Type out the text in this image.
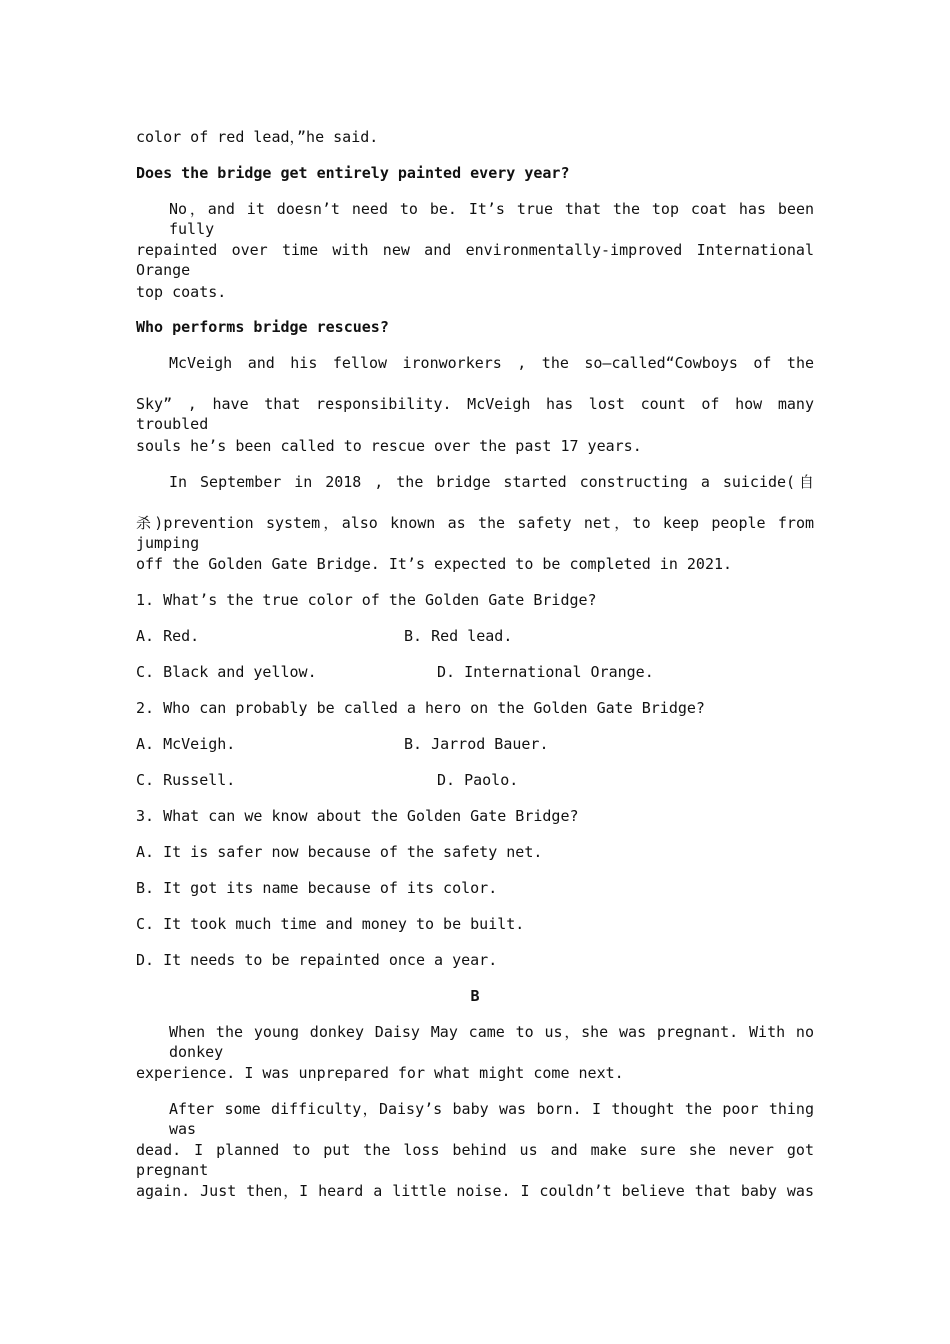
color of red lead，”he said.
Does the bridge get entirely painted every year?
No，and it doesn’t need to be. It’s true that the top coat has been fully
repainted over time with new and environmentally-improved International Orange
top coats.
Who performs bridge rescues?
McVeigh and his fellow ironworkers , the so—called“Cowboys of the
Sky” , have that responsibility. McVeigh has lost count of how many troubled
souls he’s been called to rescue over the past 17 years.
In September in 2018 , the bridge started constructing a suicide(自
杀)prevention system，also known as the safety net，to keep people from jumping
off the Golden Gate Bridge. It’s expected to be completed in 2021.
1. What’s the true color of the Golden Gate Bridge?
A. Red.	B. Red lead.
C. Black and yellow.	D. International Orange.
2. Who can probably be called a hero on the Golden Gate Bridge?
A. McVeigh.	B. Jarrod Bauer.
C. Russell.	D. Paolo.
3. What can we know about the Golden Gate Bridge?
A. It is safer now because of the safety net.
B. It got its name because of its color.
C. It took much time and money to be built.
D. It needs to be repainted once a year.
B
When the young donkey Daisy May came to us，she was pregnant. With no donkey
experience. I was unprepared for what might come next.
After some difficulty，Daisy’s baby was born. I thought the poor thing was
dead. I planned to put the loss behind us and make sure she never got pregnant
again. Just then，I heard a little noise. I couldn’t believe that baby was
